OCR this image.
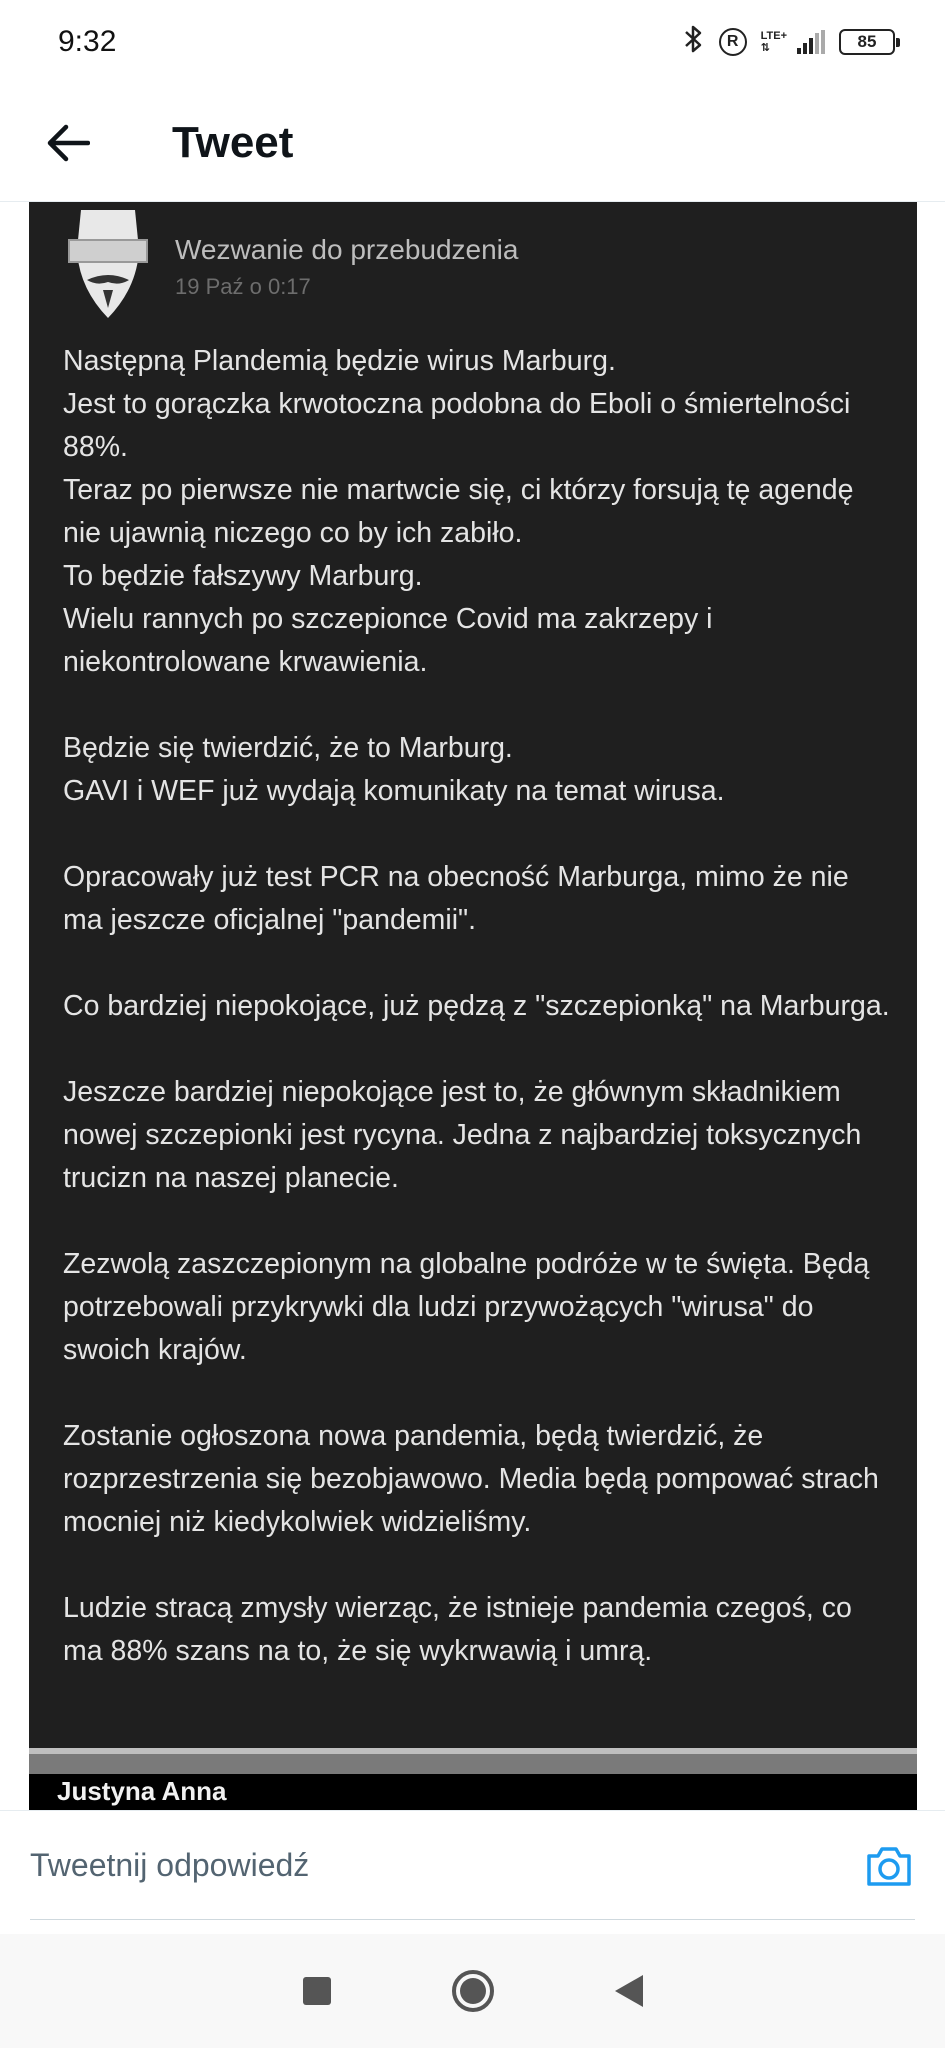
9:32	R	LTE+
⇅	85
Tweet
Wezwanie do przebudzenia
19 Paź o 0:17

Następną Plandemią będzie wirus Marburg.
Jest to gorączka krwotoczna podobna do Eboli o śmiertelności 88%.
Teraz po pierwsze nie martwcie się, ci którzy forsują tę agendę nie ujawnią niczego co by ich zabiło.
To będzie fałszywy Marburg.
Wielu rannych po szczepionce Covid ma zakrzepy i niekontrolowane krwawienia.

Będzie się twierdzić, że to Marburg.
GAVI i WEF już wydają komunikaty na temat wirusa.

Opracowały już test PCR na obecność Marburga, mimo że nie ma jeszcze oficjalnej "pandemii".

Co bardziej niepokojące, już pędzą z "szczepionką" na Marburga.

Jeszcze bardziej niepokojące jest to, że głównym składnikiem nowej szczepionki jest rycyna. Jedna z najbardziej toksycznych trucizn na naszej planecie.

Zezwolą zaszczepionym na globalne podróże w te święta. Będą potrzebowali przykrywki dla ludzi przywożących "wirusa" do swoich krajów.

Zostanie ogłoszona nowa pandemia, będą twierdzić, że rozprzestrzenia się bezobjawowo. Media będą pompować strach mocniej niż kiedykolwiek widzieliśmy.

Ludzie stracą zmysły wierząc, że istnieje pandemia czegoś, co ma 88% szans na to, że się wykrwawią i umrą.

Justyna Anna
Tweetnij odpowiedź
